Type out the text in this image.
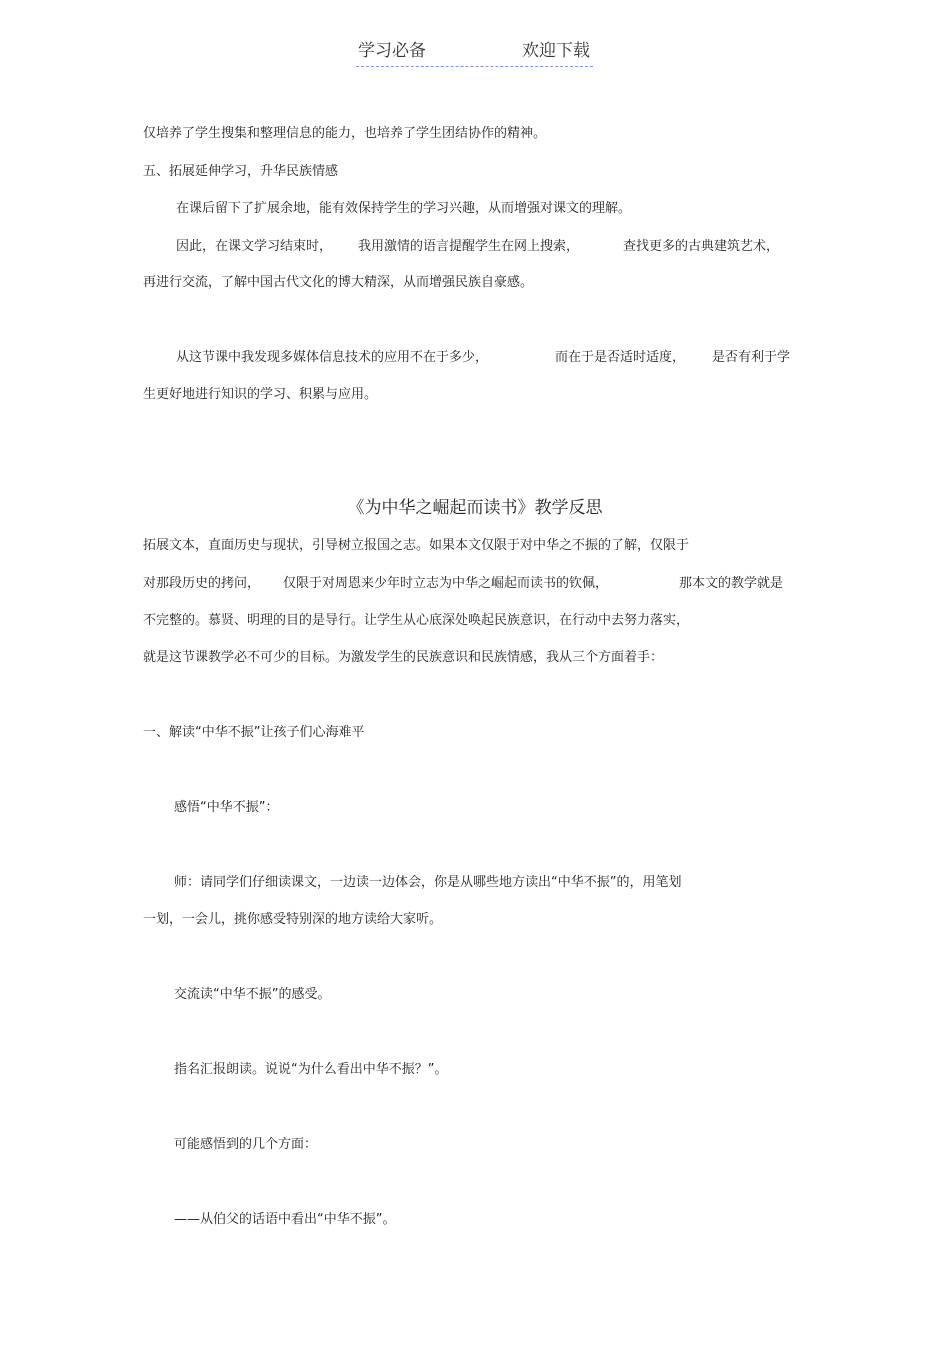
学习必备	欢迎下载
仅培养了学生搜集和整理信息的能力，也培养了学生团结协作的精神。
五、拓展延伸学习，升华民族情感
在课后留下了扩展余地，能有效保持学生的学习兴趣，从而增强对课文的理解。
因此，在课文学习结束时， 我用激情的语言提醒学生在网上搜索，	查找更多的古典建筑艺术，
再进行交流，了解中国古代文化的博大精深，从而增强民族自豪感。
从这节课中我发现多媒体信息技术的应用不在于多少，	而在于是否适时适度， 是否有利于学
生更好地进行知识的学习、积累与应用。
《为中华之崛起而读书》教学反思
拓展文本，直面历史与现状，引导树立报国之志。如果本文仅限于对中华之不振的了解，仅限于
对那段历史的拷问， 仅限于对周恩来少年时立志为中华之崛起而读书的钦佩，	那本文的教学就是
不完整的。慕贤、明理的目的是导行。让学生从心底深处唤起民族意识，在行动中去努力落实，
就是这节课教学必不可少的目标。为激发学生的民族意识和民族情感，我从三个方面着手：
一、解读“中华不振”让孩子们心海难平
感悟“中华不振”：
师：请同学们仔细读课文，一边读一边体会，你是从哪些地方读出“中华不振”的，用笔划
一划，一会儿，挑你感受特别深的地方读给大家听。
交流读“中华不振”的感受。
指名汇报朗读。说说“为什么看出中华不振？”。
可能感悟到的几个方面：
——从伯父的话语中看出“中华不振”。
